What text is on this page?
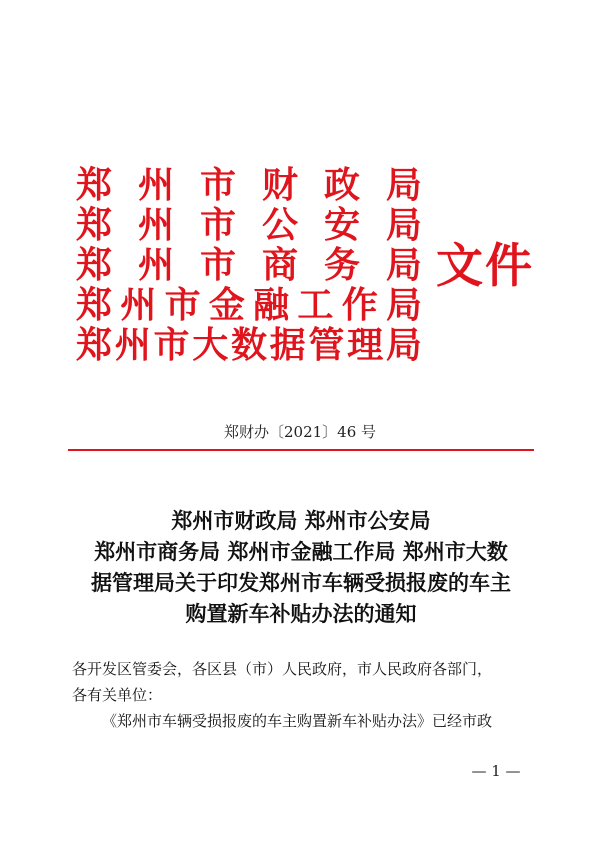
郑 州 市 财 政 局
郑 州 市 公 安 局
郑 州 市 商 务 局
郑 州 市 金 融 工 作 局
郑 州 市 大 数 据 管 理 局
文件
郑财办〔2021〕46 号
郑州市财政局 郑州市公安局
郑州市商务局 郑州市金融工作局 郑州市大数
据管理局关于印发郑州市车辆受损报废的车主
购置新车补贴办法的通知
各开发区管委会，各区县（市）人民政府，市人民政府各部门，
各有关单位：
《郑州市车辆受损报废的车主购置新车补贴办法》已经市政
— 1 —
